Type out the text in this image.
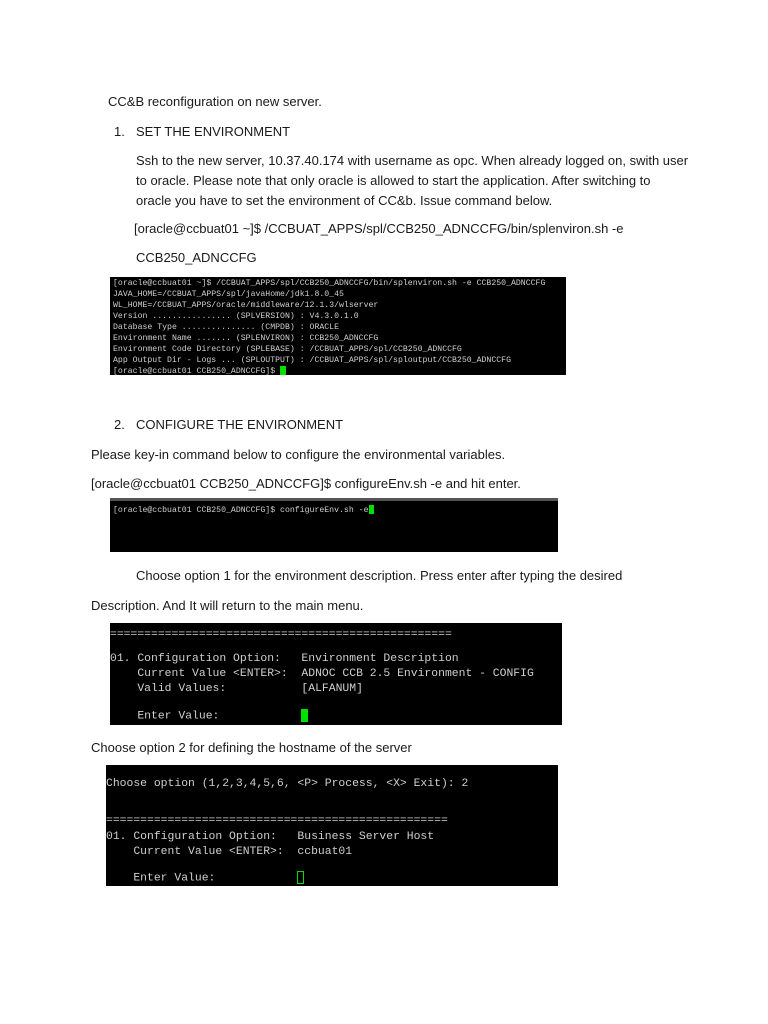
CC&B reconfiguration on new server.
1. SET THE ENVIRONMENT
Ssh to the new server, 10.37.40.174 with username as opc. When already logged on, swith user
to oracle. Please note that only oracle is allowed to start the application. After switching to
oracle you have to set the environment of CC&b. Issue command below.
[oracle@ccbuat01 ~]$ /CCBUAT_APPS/spl/CCB250_ADNCCFG/bin/splenviron.sh -e
CCB250_ADNCCFG
[oracle@ccbuat01 ~]$ /CCBUAT_APPS/spl/CCB250_ADNCCFG/bin/splenviron.sh -e CCB250_ADNCCFG
JAVA_HOME=/CCBUAT_APPS/spl/javaHome/jdk1.8.0_45
WL_HOME=/CCBUAT_APPS/oracle/middleware/12.1.3/wlserver
Version ................ (SPLVERSION) : V4.3.0.1.0
Database Type ............... (CMPDB) : ORACLE
Environment Name ....... (SPLENVIRON) : CCB250_ADNCCFG
Environment Code Directory (SPLEBASE) : /CCBUAT_APPS/spl/CCB250_ADNCCFG
App Output Dir - Logs ... (SPLOUTPUT) : /CCBUAT_APPS/spl/sploutput/CCB250_ADNCCFG
[oracle@ccbuat01 CCB250_ADNCCFG]$
2. CONFIGURE THE ENVIRONMENT
Please key-in command below to configure the environmental variables.
[oracle@ccbuat01 CCB250_ADNCCFG]$ configureEnv.sh -e and hit enter.
[oracle@ccbuat01 CCB250_ADNCCFG]$ configureEnv.sh -e
Choose option 1 for the environment description. Press enter after typing the desired
Description. And It will return to the main menu.
==================================================
01. Configuration Option:   Environment Description
Current Value <ENTER>:  ADNOC CCB 2.5 Environment - CONFIG
Valid Values:           [ALFANUM]
Enter Value:
Choose option 2 for defining the hostname of the server
Choose option (1,2,3,4,5,6, <P> Process, <X> Exit): 2
==================================================
01. Configuration Option:   Business Server Host
Current Value <ENTER>:  ccbuat01
Enter Value:
